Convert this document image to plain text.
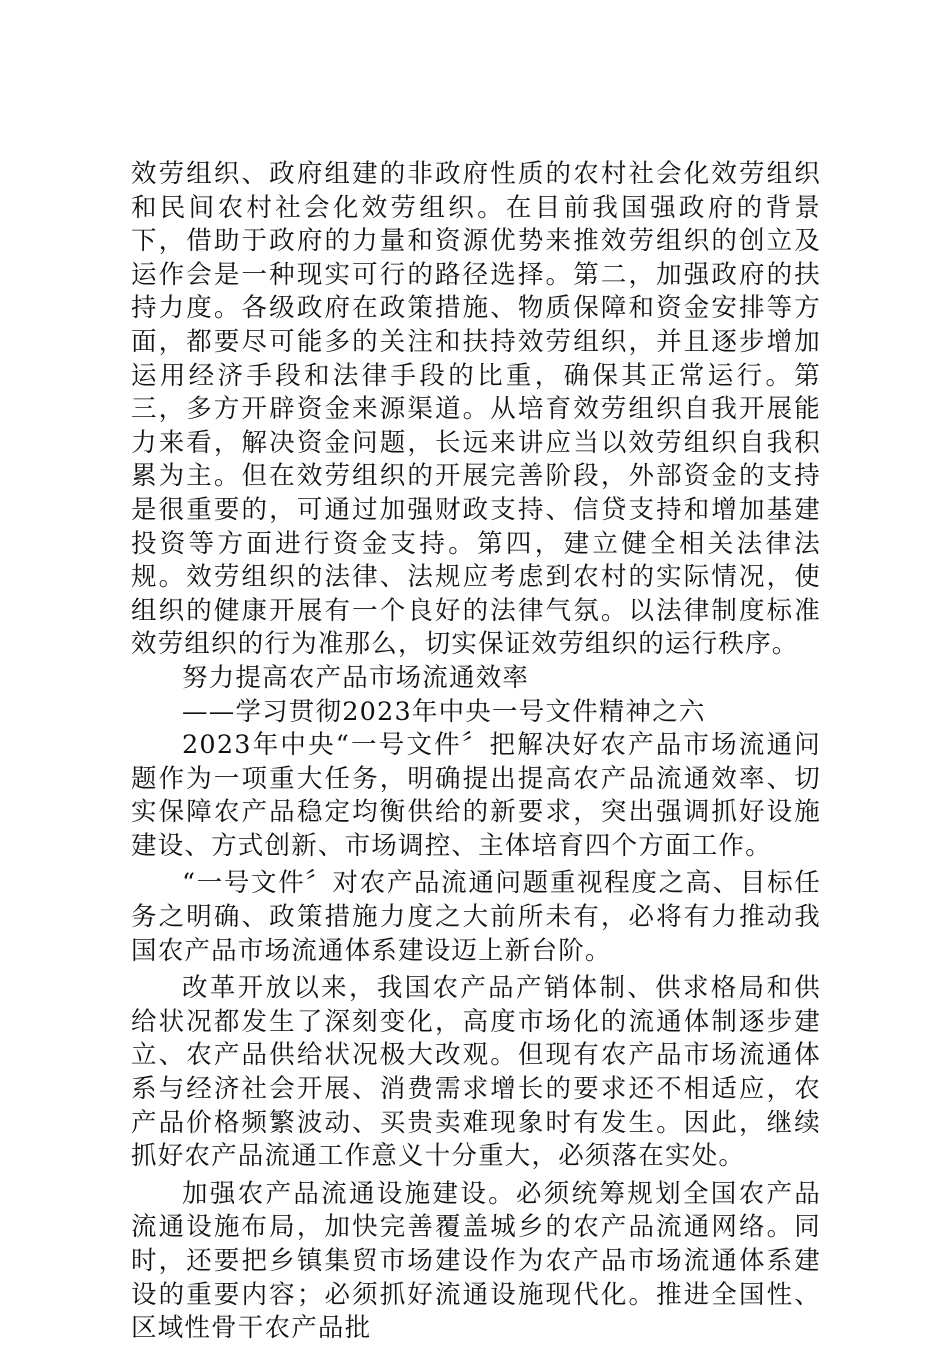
效劳组织、政府组建的非政府性质的农村社会化效劳组织和民间农村社会化效劳组织。在目前我国强政府的背景下，借助于政府的力量和资源优势来推效劳组织的创立及运作会是一种现实可行的路径选择。第二，加强政府的扶持力度。各级政府在政策措施、物质保障和资金安排等方面，都要尽可能多的关注和扶持效劳组织，并且逐步增加运用经济手段和法律手段的比重，确保其正常运行。第三，多方开辟资金来源渠道。从培育效劳组织自我开展能力来看，解决资金问题，长远来讲应当以效劳组织自我积累为主。但在效劳组织的开展完善阶段，外部资金的支持是很重要的，可通过加强财政支持、信贷支持和增加基建投资等方面进行资金支持。第四，建立健全相关法律法规。效劳组织的法律、法规应考虑到农村的实际情况，使组织的健康开展有一个良好的法律气氛。以法律制度标准效劳组织的行为准那么，切实保证效劳组织的运行秩序。

努力提高农产品市场流通效率

——学习贯彻2023年中央一号文件精神之六

2023年中央“一号文件〞把解决好农产品市场流通问题作为一项重大任务，明确提出提高农产品流通效率、切实保障农产品稳定均衡供给的新要求，突出强调抓好设施建设、方式创新、市场调控、主体培育四个方面工作。

“一号文件〞对农产品流通问题重视程度之高、目标任务之明确、政策措施力度之大前所未有，必将有力推动我国农产品市场流通体系建设迈上新台阶。

改革开放以来，我国农产品产销体制、供求格局和供给状况都发生了深刻变化，高度市场化的流通体制逐步建立、农产品供给状况极大改观。但现有农产品市场流通体系与经济社会开展、消费需求增长的要求还不相适应，农产品价格频繁波动、买贵卖难现象时有发生。因此，继续抓好农产品流通工作意义十分重大，必须落在实处。

加强农产品流通设施建设。必须统筹规划全国农产品流通设施布局，加快完善覆盖城乡的农产品流通网络。同时，还要把乡镇集贸市场建设作为农产品市场流通体系建设的重要内容；必须抓好流通设施现代化。推进全国性、区域性骨干农产品批
